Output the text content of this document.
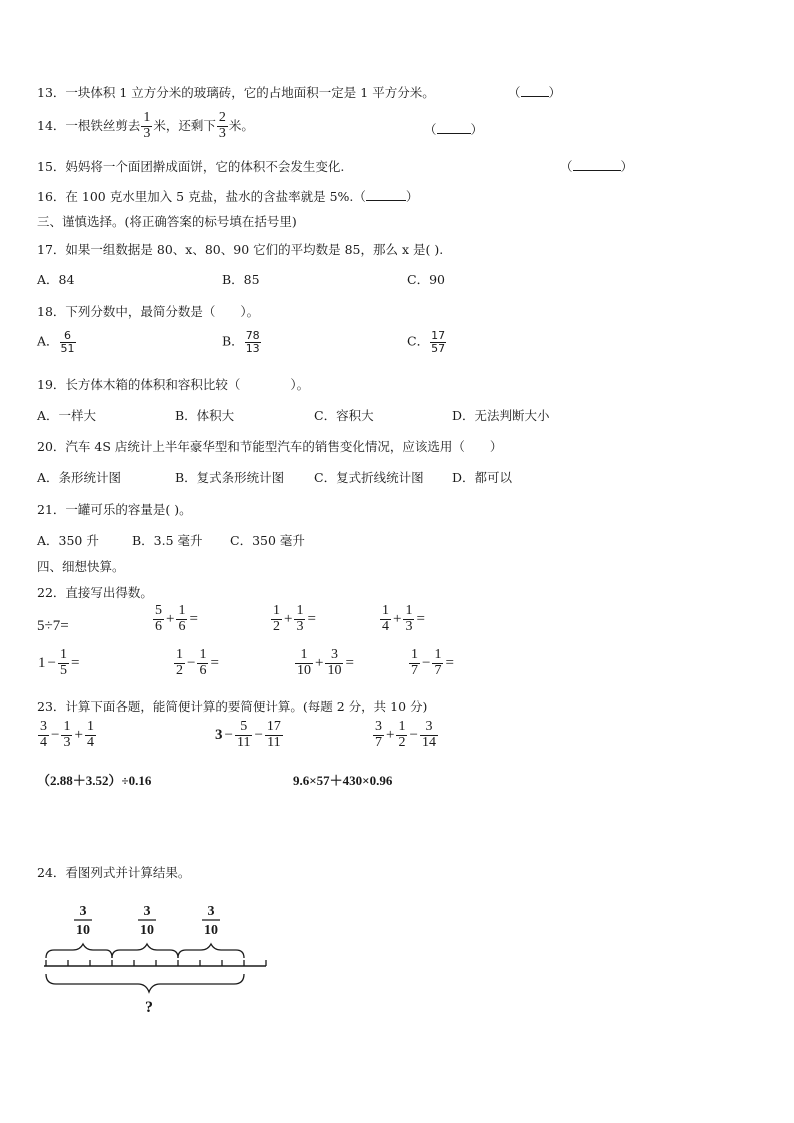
13．一块体积 1 立方分米的玻璃砖，它的占地面积一定是 1 平方分米。	（ ）
14．一根铁丝剪去 $\frac{1}{3}$ 米，还剩下 $\frac{2}{3}$ 米。	（	）
15．妈妈将一个面团擀成面饼，它的体积不会发生变化.	（	）
16．在 100 克水里加入 5 克盐，盐水的含盐率就是 5%.（	）
三、谨慎选择。(将正确答案的标号填在括号里)
17．如果一组数据是 80、x、80、90 它们的平均数是 85，那么 x 是( ).
A．84	B．85	C．90
18．下列分数中，最简分数是（　　）。
A． $\frac{6}{51}$	B． $\frac{78}{13}$	C． $\frac{17}{57}$
19．长方体木箱的体积和容积比较（　　　　）。
A．一样大	B．体积大	C．容积大	D．无法判断大小
20．汽车 4S 店统计上半年豪华型和节能型汽车的销售变化情况，应该选用（　　）
A．条形统计图	B．复式条形统计图 C．复式折线统计图 D．都可以
21．一罐可乐的容量是( )。
A．350 升	B．3.5 毫升 C．350 毫升
四、细想快算。
22．直接写出得数。
5÷7=	$\frac{5}{6} + \frac{1}{6}$ =	$\frac{1}{2} + \frac{1}{3}$ =	$\frac{1}{4} + \frac{1}{3}$ =
$1 - \frac{1}{5}$ =	$\frac{1}{2} - \frac{1}{6}$ =	$\frac{1}{10} + \frac{3}{10}$ =	$\frac{1}{7} - \frac{1}{7}$ =
23．计算下面各题，能简便计算的要简便计算。(每题 2 分，共 10 分)
$\frac{3}{4} - \frac{1}{3} + \frac{1}{4}$	$3 - \frac{5}{11} - \frac{17}{11}$	$\frac{3}{7} + \frac{1}{2} - \frac{3}{14}$
（2.88＋3.52）÷0.16	9.6×57＋430×0.96
24．看图列式并计算结果。
3
10
3
10
3
10
?
